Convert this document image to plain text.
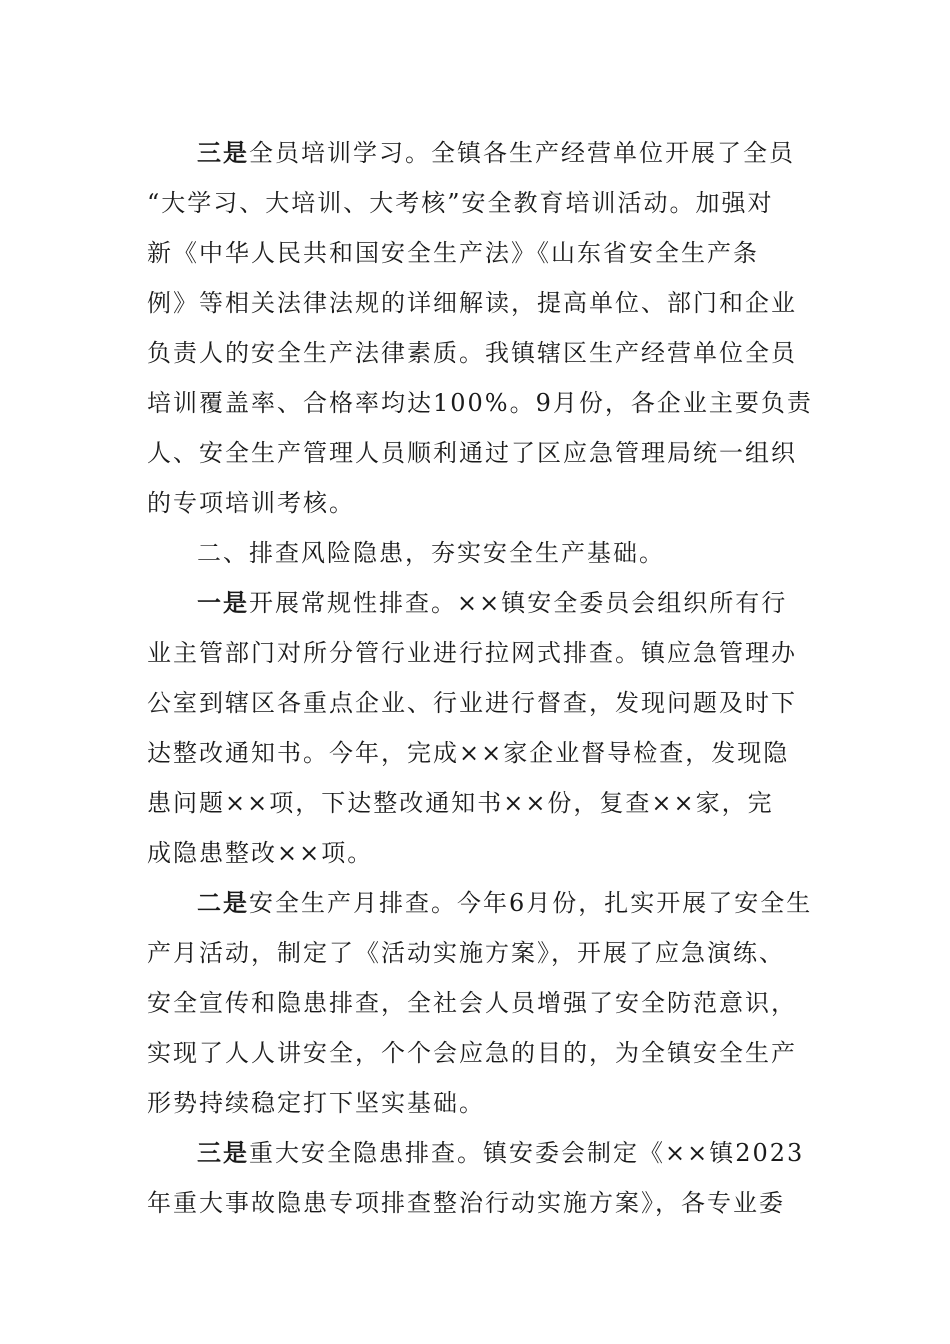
三是全员培训学习。全镇各生产经营单位开展了全员
“大学习、大培训、大考核”安全教育培训活动。加强对
新《中华人民共和国安全生产法》《山东省安全生产条
例》等相关法律法规的详细解读，提高单位、部门和企业
负责人的安全生产法律素质。我镇辖区生产经营单位全员
培训覆盖率、合格率均达100%。9月份，各企业主要负责
人、安全生产管理人员顺利通过了区应急管理局统一组织
的专项培训考核。
二、排查风险隐患，夯实安全生产基础。
一是开展常规性排查。××镇安全委员会组织所有行
业主管部门对所分管行业进行拉网式排查。镇应急管理办
公室到辖区各重点企业、行业进行督查，发现问题及时下
达整改通知书。今年，完成××家企业督导检查，发现隐
患问题××项，下达整改通知书××份，复查××家，完
成隐患整改××项。
二是安全生产月排查。今年6月份，扎实开展了安全生
产月活动，制定了《活动实施方案》，开展了应急演练、
安全宣传和隐患排查，全社会人员增强了安全防范意识，
实现了人人讲安全，个个会应急的目的，为全镇安全生产
形势持续稳定打下坚实基础。
三是重大安全隐患排查。镇安委会制定《××镇2023
年重大事故隐患专项排查整治行动实施方案》，各专业委
